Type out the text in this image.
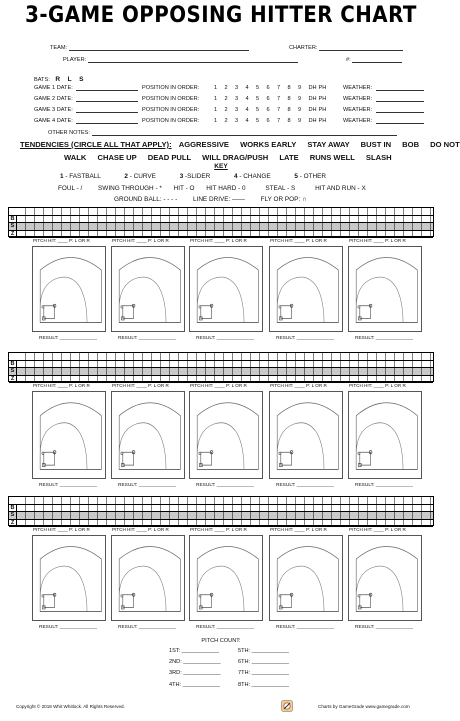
3-GAME OPPOSING HITTER CHART
TEAM:	CHARTER:
PLAYER:	#:
BATS: R L S
GAME 1 DATE:	POSITION IN ORDER:	1 2 3 4 5 6 7 8 9 DH PH	WEATHER:
GAME 2 DATE:	POSITION IN ORDER:	1 2 3 4 5 6 7 8 9 DH PH	WEATHER:
GAME 3 DATE:	POSITION IN ORDER:	1 2 3 4 5 6 7 8 9 DH PH	WEATHER:
GAME 4 DATE:	POSITION IN ORDER:	1 2 3 4 5 6 7 8 9 DH PH	WEATHER:
OTHER NOTES:
TENDENCIES (CIRCLE ALL THAT APPLY): AGGRESSIVE WORKS EARLY STAY AWAY BUST IN BOB DO NOT
WALK CHASE UP DEAD PULL WILL DRAG/PUSH LATE RUNS WELL SLASH
KEY
1 - FASTBALL	2 - CURVE	3 -SLIDER	4 - CHANGE	5 - OTHER
FOUL - / SWING THROUGH - * HIT - O HIT HARD - 0	STEAL - S	HIT AND RUN - X
GROUND BALL: - - - - LINE DRIVE: —— FLY OR POP: ∩
B
S
Z
PITCH HIT: ____ P: L OR R
RESULT: ______________
PITCH HIT: ____ P: L OR R
RESULT: ______________
PITCH HIT: ____ P: L OR R
RESULT: ______________
PITCH HIT: ____ P: L OR R
RESULT: ______________
PITCH HIT: ____ P: L OR R
RESULT: ______________
B
S
Z
PITCH HIT: ____ P: L OR R
RESULT: ______________
PITCH HIT: ____ P: L OR R
RESULT: ______________
PITCH HIT: ____ P: L OR R
RESULT: ______________
PITCH HIT: ____ P: L OR R
RESULT: ______________
PITCH HIT: ____ P: L OR R
RESULT: ______________
B
S
Z
PITCH HIT: ____ P: L OR R
RESULT: ______________
PITCH HIT: ____ P: L OR R
RESULT: ______________
PITCH HIT: ____ P: L OR R
RESULT: ______________
PITCH HIT: ____ P: L OR R
RESULT: ______________
PITCH HIT: ____ P: L OR R
RESULT: ______________
PITCH COUNT:
1ST: ____________	5TH: ____________
2ND: ____________	6TH: ____________
3RD: ____________	7TH: ____________
4TH: ____________	8TH: ____________
Copyright © 2018 Whit Whitlock. All Rights Reserved.	Charts by GameGrade www.gamegrade.com
